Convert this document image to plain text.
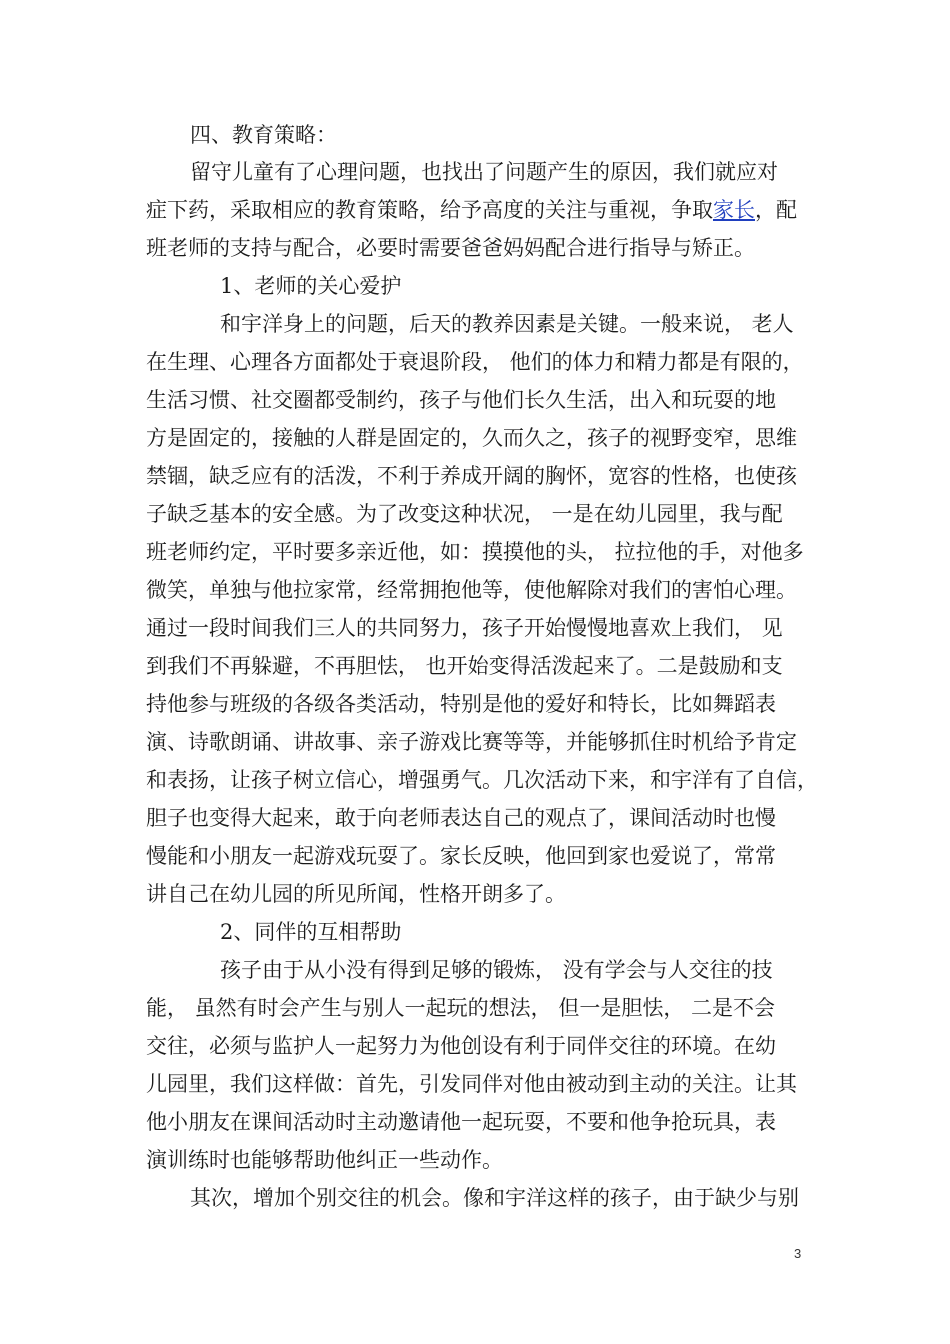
四、教育策略：
留守儿童有了心理问题，也找出了问题产生的原因，我们就应对
症下药，采取相应的教育策略，给予高度的关注与重视，争取家长，配
班老师的支持与配合，必要时需要爸爸妈妈配合进行指导与矫正。
1、老师的关心爱护
和宇洋身上的问题，后天的教养因素是关键。一般来说， 老人
在生理、心理各方面都处于衰退阶段， 他们的体力和精力都是有限的，
生活习惯、社交圈都受制约，孩子与他们长久生活，出入和玩耍的地
方是固定的，接触的人群是固定的，久而久之，孩子的视野变窄，思维
禁锢，缺乏应有的活泼，不利于养成开阔的胸怀，宽容的性格，也使孩
子缺乏基本的安全感。为了改变这种状况， 一是在幼儿园里，我与配
班老师约定，平时要多亲近他，如：摸摸他的头， 拉拉他的手，对他多
微笑，单独与他拉家常，经常拥抱他等，使他解除对我们的害怕心理。
通过一段时间我们三人的共同努力，孩子开始慢慢地喜欢上我们， 见
到我们不再躲避，不再胆怯， 也开始变得活泼起来了。二是鼓励和支
持他参与班级的各级各类活动，特别是他的爱好和特长，比如舞蹈表
演、诗歌朗诵、讲故事、亲子游戏比赛等等，并能够抓住时机给予肯定
和表扬，让孩子树立信心，增强勇气。几次活动下来，和宇洋有了自信，
胆子也变得大起来，敢于向老师表达自己的观点了，课间活动时也慢
慢能和小朋友一起游戏玩耍了。家长反映，他回到家也爱说了，常常
讲自己在幼儿园的所见所闻，性格开朗多了。
2、同伴的互相帮助
孩子由于从小没有得到足够的锻炼， 没有学会与人交往的技
能， 虽然有时会产生与别人一起玩的想法， 但一是胆怯， 二是不会
交往，必须与监护人一起努力为他创设有利于同伴交往的环境。在幼
儿园里，我们这样做：首先，引发同伴对他由被动到主动的关注。让其
他小朋友在课间活动时主动邀请他一起玩耍，不要和他争抢玩具，表
演训练时也能够帮助他纠正一些动作。
其次，增加个别交往的机会。像和宇洋这样的孩子，由于缺少与别
3
